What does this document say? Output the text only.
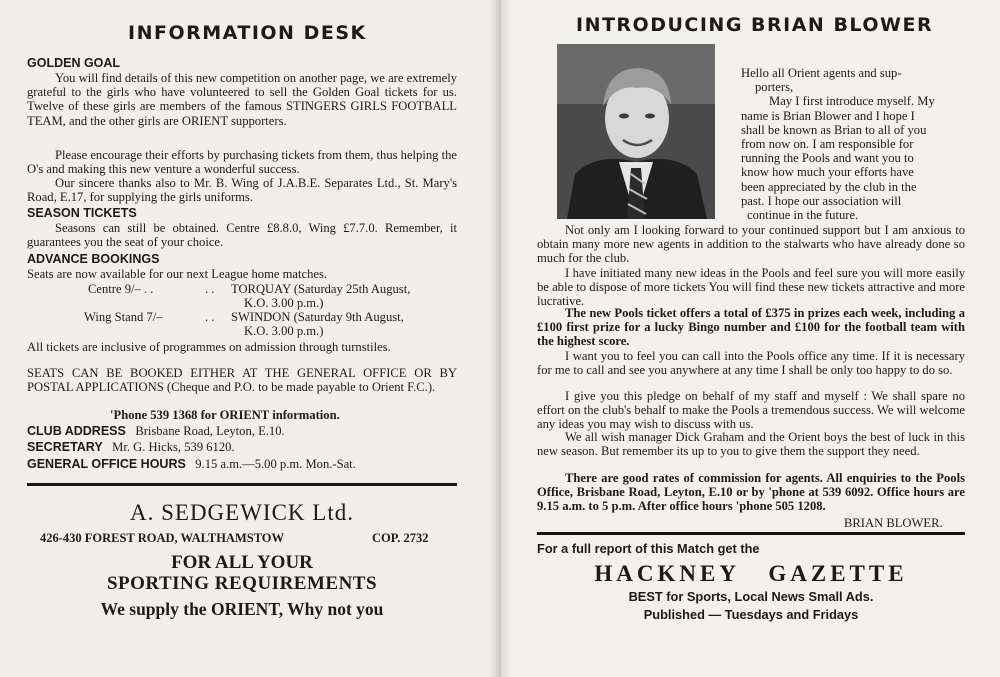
INFORMATION DESK
GOLDEN GOAL
You will find details of this new competition on another page, we are extremely grateful to the girls who have volunteered to sell the Golden Goal tickets for us. Twelve of these girls are members of the famous STINGERS GIRLS FOOTBALL TEAM, and the other girls are ORIENT supporters.
Please encourage their efforts by purchasing tickets from them, thus helping the O's and making this new venture a wonderful success.
Our sincere thanks also to Mr. B. Wing of J.A.B.E. Separates Ltd., St. Mary's Road, E.17, for supplying the girls uniforms.
SEASON TICKETS
Seasons can still be obtained. Centre £8.8.0, Wing £7.7.0. Remember, it guarantees you the seat of your choice.
ADVANCE BOOKINGS
Seats are now available for our next League home matches.
Centre 9/– . .	. . TORQUAY (Saturday 25th August,
K.O. 3.00 p.m.)
Wing Stand 7/–	. . SWINDON (Saturday 9th August,
K.O. 3.00 p.m.)
All tickets are inclusive of programmes on admission through turnstiles.
SEATS CAN BE BOOKED EITHER AT THE GENERAL OFFICE OR BY POSTAL APPLICATIONS (Cheque and P.O. to be made payable to Orient F.C.).
'Phone 539 1368 for ORIENT information.
CLUB ADDRESS Brisbane Road, Leyton, E.10.
SECRETARY Mr. G. Hicks, 539 6120.
GENERAL OFFICE HOURS 9.15 a.m.—5.00 p.m. Mon.-Sat.
A. SEDGEWICK Ltd.
426-430 FOREST ROAD, WALTHAMSTOW	COP. 2732
FOR ALL YOUR
SPORTING REQUIREMENTS
We supply the ORIENT, Why not you
INTRODUCING BRIAN BLOWER
Hello all Orient agents and sup-
porters,
May I first introduce myself. My
name is Brian Blower and I hope I
shall be known as Brian to all of you
from now on. I am responsible for
running the Pools and want you to
know how much your efforts have
been appreciated by the club in the
past. I hope our association will
continue in the future.
Not only am I looking forward to your continued support but I am anxious to obtain many more new agents in addition to the stalwarts who have already done so much for the club.
I have initiated many new ideas in the Pools and feel sure you will more easily be able to dispose of more tickets You will find these new tickets attractive and more lucrative.
The new Pools ticket offers a total of £375 in prizes each week, including a £100 first prize for a lucky Bingo number and £100 for the football team with the highest score.
I want you to feel you can call into the Pools office any time. If it is necessary for me to call and see you anywhere at any time I shall be only too happy to do so.
I give you this pledge on behalf of my staff and myself : We shall spare no effort on the club's behalf to make the Pools a tremendous success. We will welcome any ideas you may wish to discuss with us.
We all wish manager Dick Graham and the Orient boys the best of luck in this new season. But remember its up to you to give them the support they need.
There are good rates of commission for agents. All enquiries to the Pools Office, Brisbane Road, Leyton, E.10 or by 'phone at 539 6092. Office hours are 9.15 a.m. to 5 p.m. After office hours 'phone 505 1208.
BRIAN BLOWER.
For a full report of this Match get the
HACKNEY   GAZETTE
BEST for Sports, Local News Small Ads.
Published — Tuesdays and Fridays
